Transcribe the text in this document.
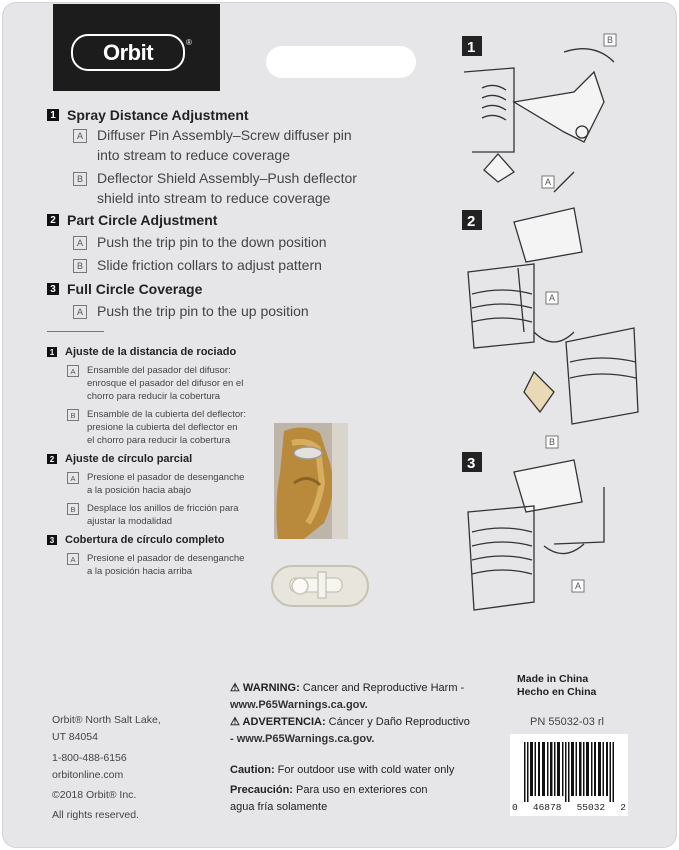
Orbit	®
1 Spray Distance Adjustment
A Diffuser Pin Assembly–Screw diffuser pin
into stream to reduce coverage
B Deflector Shield Assembly–Push deflector
shield into stream to reduce coverage
2 Part Circle Adjustment
A Push the trip pin to the down position
B Slide friction collars to adjust pattern
3 Full Circle Coverage
A Push the trip pin to the up position
1 Ajuste de la distancia de rociado
A	Ensamble del pasador del difusor:
enrosque el pasador del difusor en el
chorro para reducir la cobertura
B	Ensamble de la cubierta del deflector:
presione la cubierta del deflector en
el chorro para reducir la cobertura
2 Ajuste de círculo parcial
A	Presione el pasador de desenganche
a la posición hacia abajo
B	Desplace los anillos de fricción para
ajustar la modalidad
3 Cobertura de círculo completo
A	Presione el pasador de desenganche
a la posición hacia arriba
1
2
3
B
A
A
B
A
Orbit® North Salt Lake,
UT 84054
1-800-488-6156
orbitonline.com
©2018 Orbit® Inc.
All rights reserved.
⚠ WARNING: Cancer and Reproductive Harm -
www.P65Warnings.ca.gov.
⚠ ADVERTENCIA: Cáncer y Daño Reproductivo
- www.P65Warnings.ca.gov.
Caution: For outdoor use with cold water only
Precaución: Para uso en exteriores con
agua fría solamente
Made in China
Hecho en China
PN 55032-03 rl
0 46878 55032 2
